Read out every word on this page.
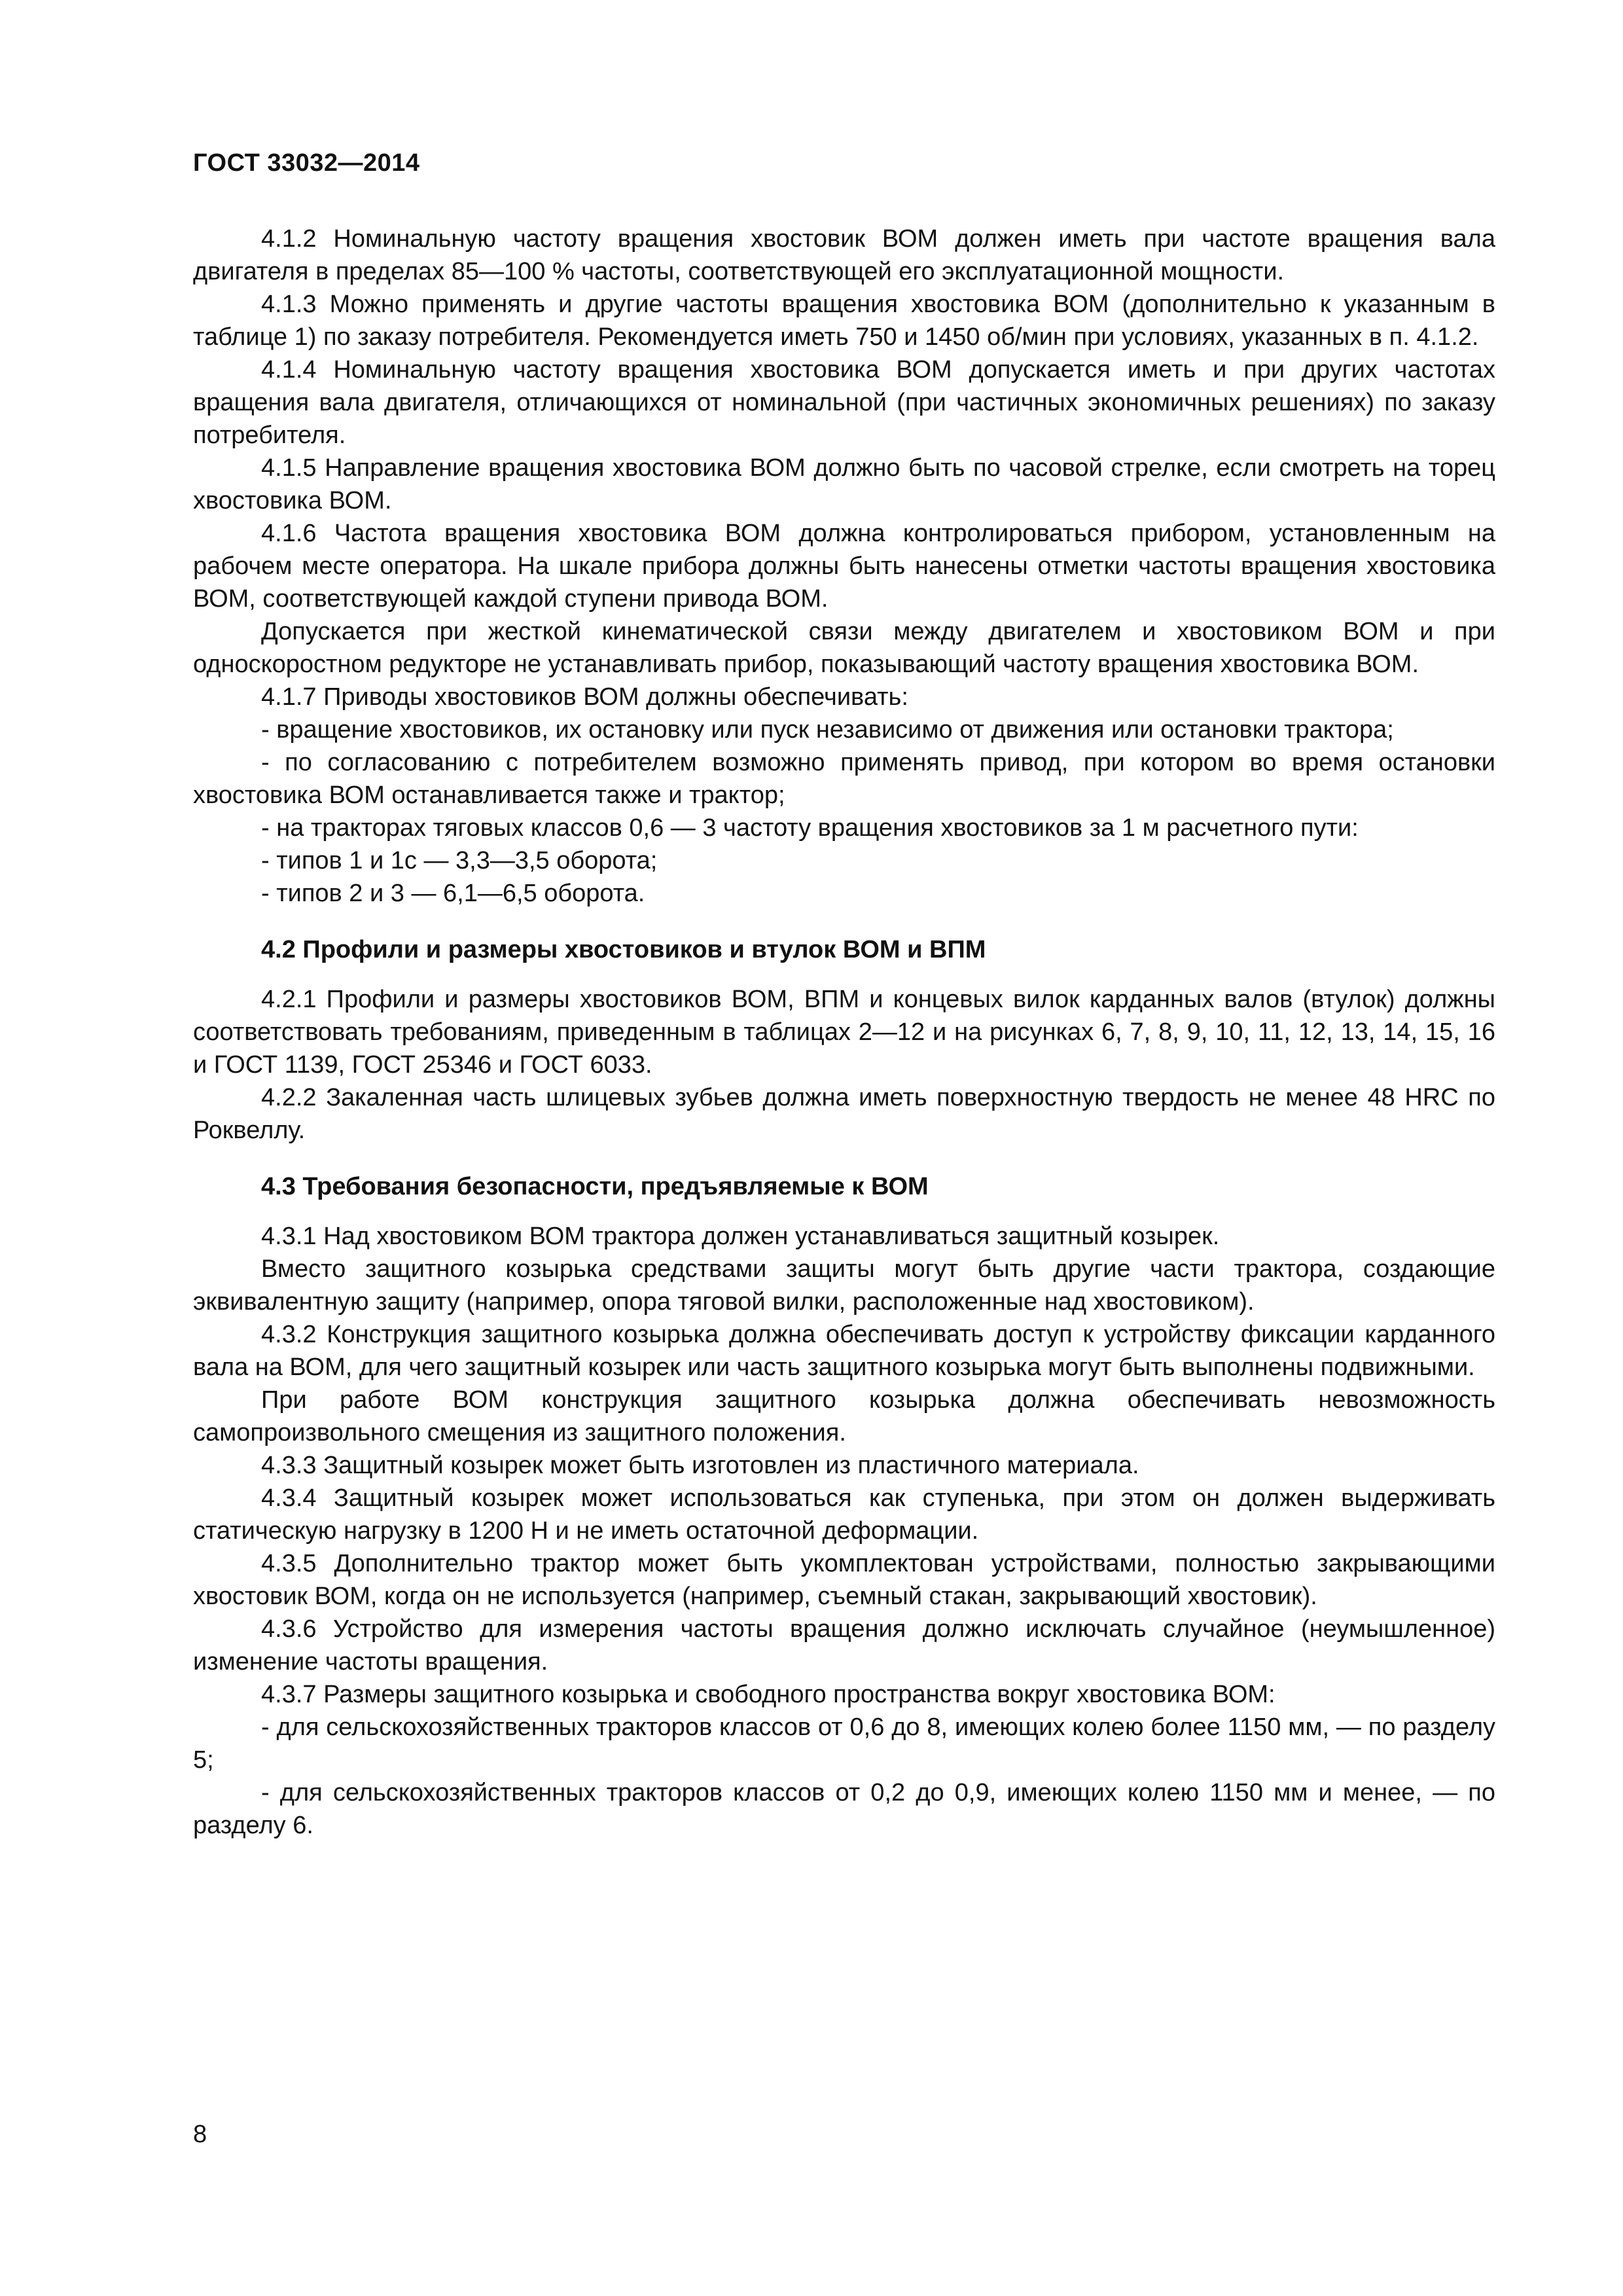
ГОСТ 33032—2014

4.1.2 Номинальную частоту вращения хвостовик ВОМ должен иметь при частоте вращения вала двигателя в пределах 85—100 % частоты, соответствующей его эксплуатационной мощности.

4.1.3 Можно применять и другие частоты вращения хвостовика ВОМ (дополнительно к указанным в таблице 1) по заказу потребителя. Рекомендуется иметь 750 и 1450 об/мин при условиях, указанных в п. 4.1.2.

4.1.4 Номинальную частоту вращения хвостовика ВОМ допускается иметь и при других частотах вращения вала двигателя, отличающихся от номинальной (при частичных экономичных решениях) по заказу потребителя.

4.1.5 Направление вращения хвостовика ВОМ должно быть по часовой стрелке, если смотреть на торец хвостовика ВОМ.

4.1.6 Частота вращения хвостовика ВОМ должна контролироваться прибором, установленным на рабочем месте оператора. На шкале прибора должны быть нанесены отметки частоты вращения хвостовика ВОМ, соответствующей каждой ступени привода ВОМ.

Допускается при жесткой кинематической связи между двигателем и хвостовиком ВОМ и при односкоростном редукторе не устанавливать прибор, показывающий частоту вращения хвостовика ВОМ.

4.1.7 Приводы хвостовиков ВОМ должны обеспечивать:

- вращение хвостовиков, их остановку или пуск независимо от движения или остановки трактора;

- по согласованию с потребителем возможно применять привод, при котором во время остановки хвостовика ВОМ останавливается также и трактор;

- на тракторах тяговых классов 0,6 — 3 частоту вращения хвостовиков за 1 м расчетного пути:

- типов 1 и 1с — 3,3—3,5 оборота;

- типов 2 и 3 — 6,1—6,5 оборота.

4.2 Профили и размеры хвостовиков и втулок ВОМ и ВПМ

4.2.1 Профили и размеры хвостовиков ВОМ, ВПМ и концевых вилок карданных валов (втулок) должны соответствовать требованиям, приведенным в таблицах 2—12 и на рисунках 6, 7, 8, 9, 10, 11, 12, 13, 14, 15, 16 и ГОСТ 1139, ГОСТ 25346 и ГОСТ 6033.

4.2.2 Закаленная часть шлицевых зубьев должна иметь поверхностную твердость не менее 48 HRC по Роквеллу.

4.3 Требования безопасности, предъявляемые к ВОМ

4.3.1 Над хвостовиком ВОМ трактора должен устанавливаться защитный козырек.

Вместо защитного козырька средствами защиты могут быть другие части трактора, создающие эквивалентную защиту (например, опора тяговой вилки, расположенные над хвостовиком).

4.3.2 Конструкция защитного козырька должна обеспечивать доступ к устройству фиксации карданного вала на ВОМ, для чего защитный козырек или часть защитного козырька могут быть выполнены подвижными.

При работе ВОМ конструкция защитного козырька должна обеспечивать невозможность самопроизвольного смещения из защитного положения.

4.3.3 Защитный козырек может быть изготовлен из пластичного материала.

4.3.4 Защитный козырек может использоваться как ступенька, при этом он должен выдерживать статическую нагрузку в 1200 Н и не иметь остаточной деформации.

4.3.5 Дополнительно трактор может быть укомплектован устройствами, полностью закрывающими хвостовик ВОМ, когда он не используется (например, съемный стакан, закрывающий хвостовик).

4.3.6 Устройство для измерения частоты вращения должно исключать случайное (неумышленное) изменение частоты вращения.

4.3.7 Размеры защитного козырька и свободного пространства вокруг хвостовика ВОМ:

- для сельскохозяйственных тракторов классов от 0,6 до 8, имеющих колею более 1150 мм, — по разделу 5;

- для сельскохозяйственных тракторов классов от 0,2 до 0,9, имеющих колею 1150 мм и менее, — по разделу 6.

8
